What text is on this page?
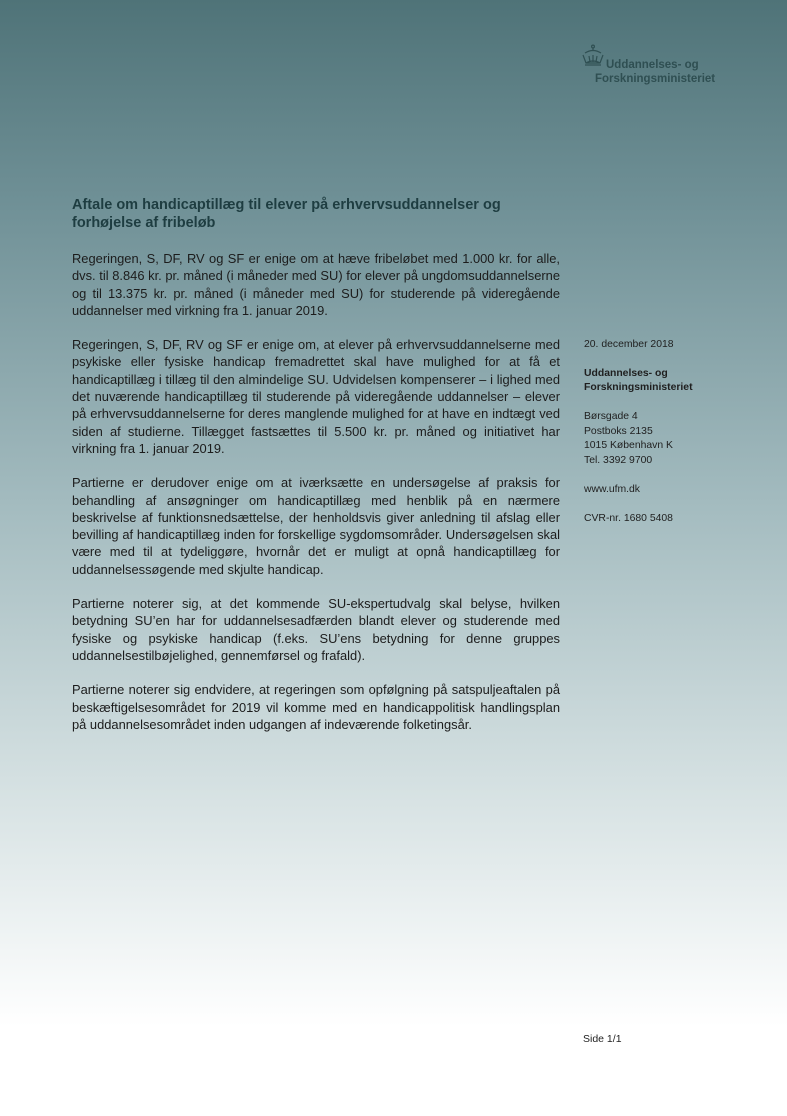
Uddannelses- og
Forskningsministeriet
Aftale om handicaptillæg til elever på erhvervsuddannelser og forhøjelse af fribeløb

Regeringen, S, DF, RV og SF er enige om at hæve fribeløbet med 1.000 kr. for alle, dvs. til 8.846 kr. pr. måned (i måneder med SU) for elever på ungdomsuddannelserne og til 13.375 kr. pr. måned (i måneder med SU) for studerende på videregående uddannelser med virkning fra 1. januar 2019.

Regeringen, S, DF, RV og SF er enige om, at elever på erhvervsuddannelserne med psykiske eller fysiske handicap fremadrettet skal have mulighed for at få et handicaptillæg i tillæg til den almindelige SU. Udvidelsen kompenserer – i lighed med det nuværende handicaptillæg til studerende på videregående uddannelser – elever på erhvervsuddannelserne for deres manglende mulighed for at have en indtægt ved siden af studierne. Tillægget fastsættes til 5.500 kr. pr. måned og initiativet har virkning fra 1. januar 2019.

Partierne er derudover enige om at iværksætte en undersøgelse af praksis for behandling af ansøgninger om handicaptillæg med henblik på en nærmere beskrivelse af funktionsnedsættelse, der henholdsvis giver anledning til afslag eller bevilling af handicaptillæg inden for forskellige sygdomsområder. Undersøgelsen skal være med til at tydeliggøre, hvornår det er muligt at opnå handicaptillæg for uddannelsessøgende med skjulte handicap.

Partierne noterer sig, at det kommende SU-ekspertudvalg skal belyse, hvilken betydning SU’en har for uddannelsesadfærden blandt elever og studerende med fysiske og psykiske handicap (f.eks. SU’ens betydning for denne gruppes uddannelsestilbøjelighed, gennemførsel og frafald).

Partierne noterer sig endvidere, at regeringen som opfølgning på satspuljeaftalen på beskæftigelsesområdet for 2019 vil komme med en handicappolitisk handlingsplan på uddannelsesområdet inden udgangen af indeværende folketingsår.

20. december 2018
Uddannelses- og
Forskningsministeriet
Børsgade 4
Postboks 2135
1015 København K
Tel. 3392 9700
www.ufm.dk
CVR-nr. 1680 5408
Side 1/1
